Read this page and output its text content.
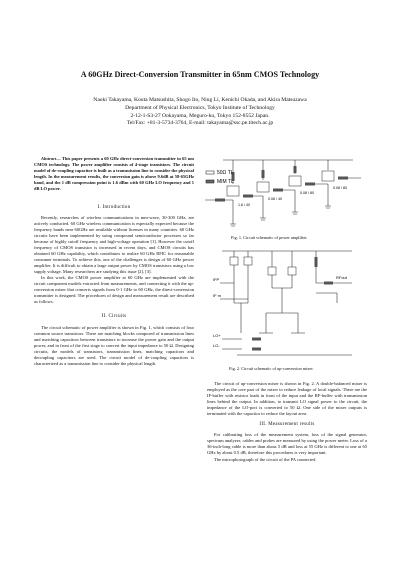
A 60GHz Direct-Conversion Transmitter in 65nm CMOS Technology
Naoki Takayama, Kouta Matsushita, Shogo Ito, Ning Li, Kenichi Okada, and Akira Matsuzawa
Department of Physical Electronics, Tokyo Institute of Technology
2-12-1-S3-27 Ookayama, Meguro-ku, Tokyo 152-8552 Japan.
Tel/Fax: +81-3-5734-3764, E-mail: takayama@ssc.pe.titech.ac.jp
Abstract— This paper presents a 60 GHz direct-conversion transmitter in 65 nm CMOS technology. The power amplifier consists of 4-stage transistors. The circuit model of de-coupling capacitor is built as a transmission line to consider the physical length. In the measurement results, the conversion gain is above 9.6dB at 58-65GHz band, and the 1 dB compression point is 1.6 dBm with 60 GHz LO frequency and 1 dB LO power.
I. Introduction

Recently, researches of wireless communications in mm-wave, 30-300 GHz, are actively conducted. 60 GHz wireless communication is especially expected because the frequency bands near 60GHz are available without licenses in many countries. 60 GHz circuits have been implemented by using compound semiconductor processes so far because of highly cutoff frequency and high-voltage operation [1]. However the cutoff frequency of CMOS transistor is increased in recent days, and CMOS circuits has obtained 60 GHz capability, which contributes to realize 60 GHz RFIC for reasonable consumer terminals. To achieve this, one of the challenges is design of 60 GHz power amplifier. It is difficult to obtain a large output power by CMOS transistors using a low supply voltage. Many researchers are studying this issue [2], [3].

In this work, the CMOS power amplifier at 60 GHz are implemented with the circuit component models extracted from measurements, and connecting it with the up-conversion mixer that converts signals from 0-1 GHz to 60 GHz, the direct-conversion transmitter is designed. The procedures of design and measurement result are described as follows.

II. Circuits

The circuit schematic of power amplifier is shown in Fig. 1, which consists of four common source transistors. There are matching blocks composed of transmission lines and matching capacitors between transistors to increase the power gain and the output power, and in front of the first stage to convert the input impedance to 50 Ω. Designing circuits, the models of transistors, transmission lines, matching capacitors and decoupling capacitors are used. The circuit model of de-coupling capacitors is characterized as a transmission line to consider the physical length.

50Ω TL
MIM TL
1.6 / 40
0.06 / 40
0.08 / 80
0.08 / 80
Fig. 1. Circuit schematic of power amplifier.
IFP
IF m
LO+
LO-
RFout
Fig. 2. Circuit schematic of up-conversion mixer.

The circuit of up-conversion mixer is shown in Fig. 2. A double-balanced mixer is employed as the core part of the mixer to reduce leakage of local signals. There are the IF-buffer with resistor loads in front of the input and the RF-buffer with transmission lines behind the output. In addition, to transmit LO signal power to the circuit, the impedance of the LO-port is converted to 50 Ω. One side of the mixer outputs is terminated with the capacitor to reduce the layout area.

III. Measurement results

For calibrating loss of the measurement system, loss of the signal generator, spectrum analyzer, cables and probes are measured by using the power meter. Loss of a 36-inch-long cable is more than about 5 dB and loss at 55 GHz is different to one at 65 GHz by about 0.5 dB, therefore this procedures is very important.

The microphotograph of the circuit of the PA connected
